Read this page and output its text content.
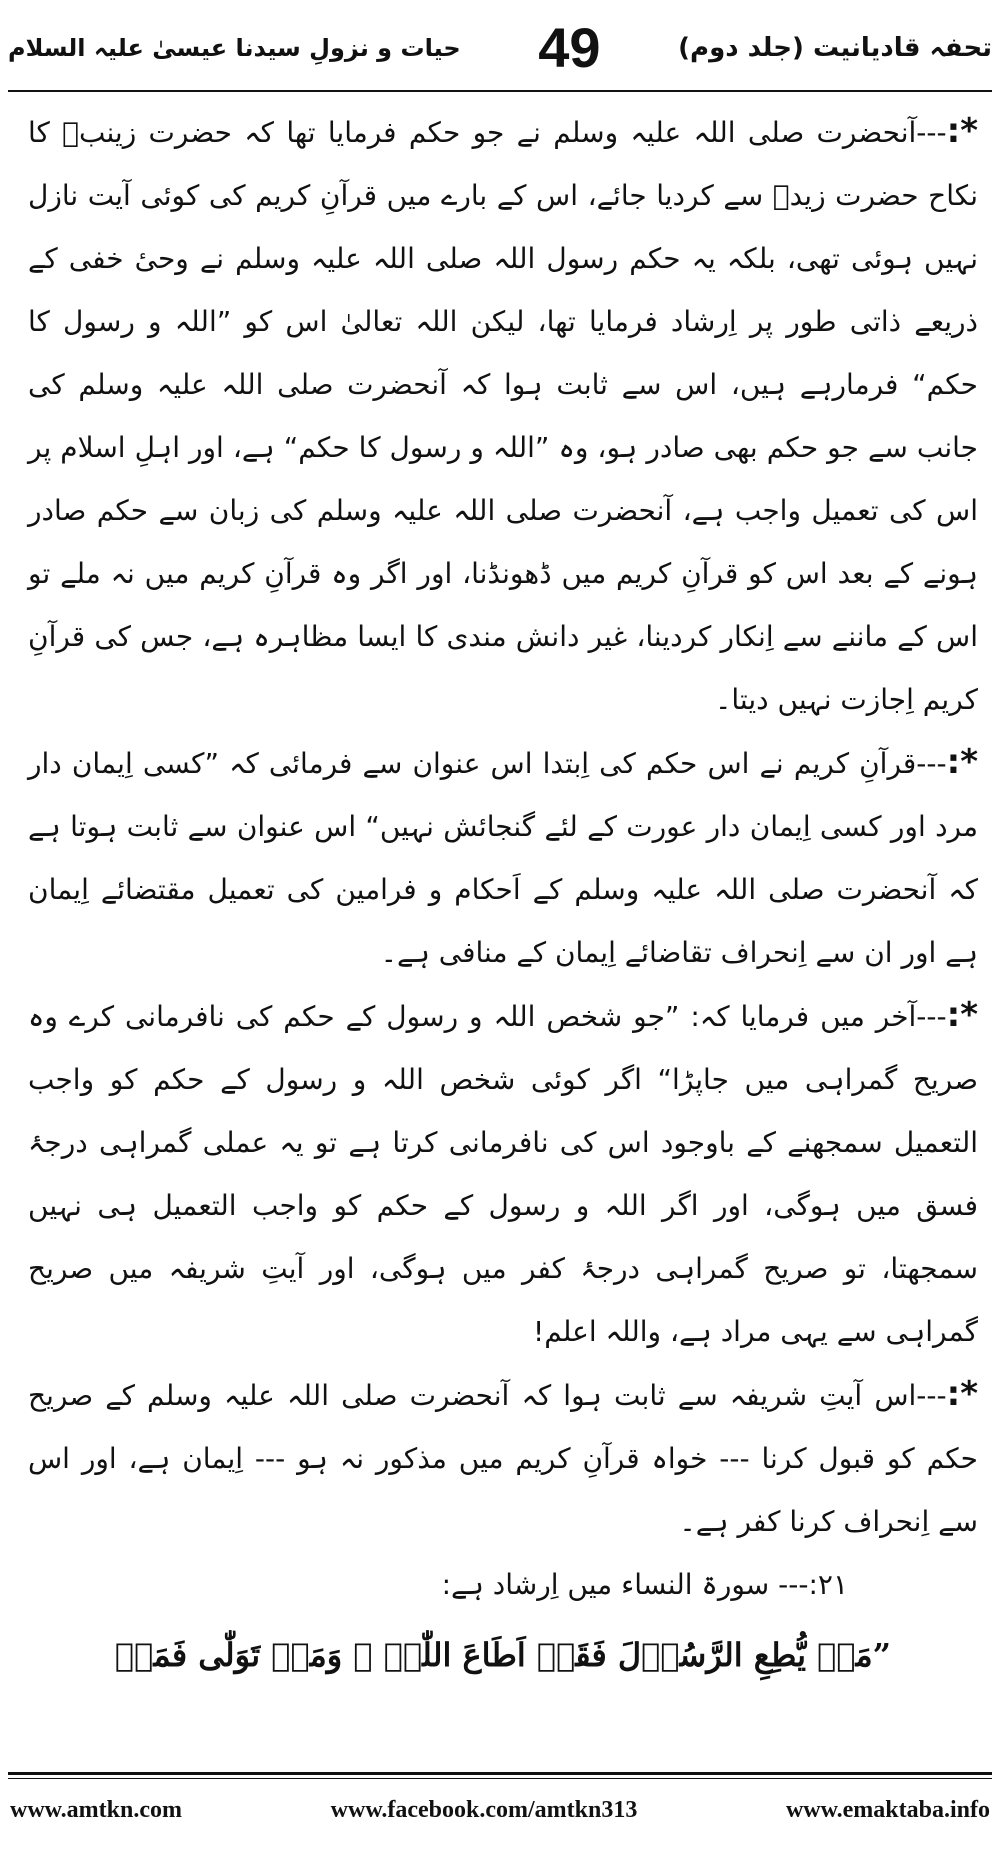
تحفہ قادیانیت (جلد دوم)
49
حیات و نزولِ سیدنا عیسیٰ علیہ السلام

*:---آنحضرت صلی اللہ علیہ وسلم نے جو حکم فرمایا تھا کہ حضرت زینبؓ کا نکاح حضرت زیدؓ سے کردیا جائے، اس کے بارے میں قرآنِ کریم کی کوئی آیت نازل نہیں ہوئی تھی، بلکہ یہ حکم رسول اللہ صلی اللہ علیہ وسلم نے وحیٔ خفی کے ذریعے ذاتی طور پر اِرشاد فرمایا تھا، لیکن اللہ تعالیٰ اس کو ”اللہ و رسول کا حکم“ فرمارہے ہیں، اس سے ثابت ہوا کہ آنحضرت صلی اللہ علیہ وسلم کی جانب سے جو حکم بھی صادر ہو، وہ ”اللہ و رسول کا حکم“ ہے، اور اہلِ اسلام پر اس کی تعمیل واجب ہے، آنحضرت صلی اللہ علیہ وسلم کی زبان سے حکم صادر ہونے کے بعد اس کو قرآنِ کریم میں ڈھونڈنا، اور اگر وہ قرآنِ کریم میں نہ ملے تو اس کے ماننے سے اِنکار کردینا، غیر دانش مندی کا ایسا مظاہرہ ہے، جس کی قرآنِ کریم اِجازت نہیں دیتا۔

*:---قرآنِ کریم نے اس حکم کی اِبتدا اس عنوان سے فرمائی کہ ”کسی اِیمان دار مرد اور کسی اِیمان دار عورت کے لئے گنجائش نہیں“ اس عنوان سے ثابت ہوتا ہے کہ آنحضرت صلی اللہ علیہ وسلم کے اَحکام و فرامین کی تعمیل مقتضائے اِیمان ہے اور ان سے اِنحراف تقاضائے اِیمان کے منافی ہے۔

*:---آخر میں فرمایا کہ: ”جو شخص اللہ و رسول کے حکم کی نافرمانی کرے وہ صریح گمراہی میں جاپڑا“ اگر کوئی شخص اللہ و رسول کے حکم کو واجب التعمیل سمجھنے کے باوجود اس کی نافرمانی کرتا ہے تو یہ عملی گمراہی درجۂ فسق میں ہوگی، اور اگر اللہ و رسول کے حکم کو واجب التعمیل ہی نہیں سمجھتا، تو صریح گمراہی درجۂ کفر میں ہوگی، اور آیتِ شریفہ میں صریح گمراہی سے یہی مراد ہے، واللہ اعلم!

*:---اس آیتِ شریفہ سے ثابت ہوا کہ آنحضرت صلی اللہ علیہ وسلم کے صریح حکم کو قبول کرنا --- خواہ قرآنِ کریم میں مذکور نہ ہو --- اِیمان ہے، اور اس سے اِنحراف کرنا کفر ہے۔

۲۱:--- سورۃ النساء میں اِرشاد ہے:

”مَنۡ یُّطِعِ الرَّسُوۡلَ فَقَدۡ اَطَاعَ اللّٰہَ ۚ وَمَنۡ تَوَلّٰی فَمَاۤ

www.amtkn.com	www.facebook.com/amtkn313	www.emaktaba.info
